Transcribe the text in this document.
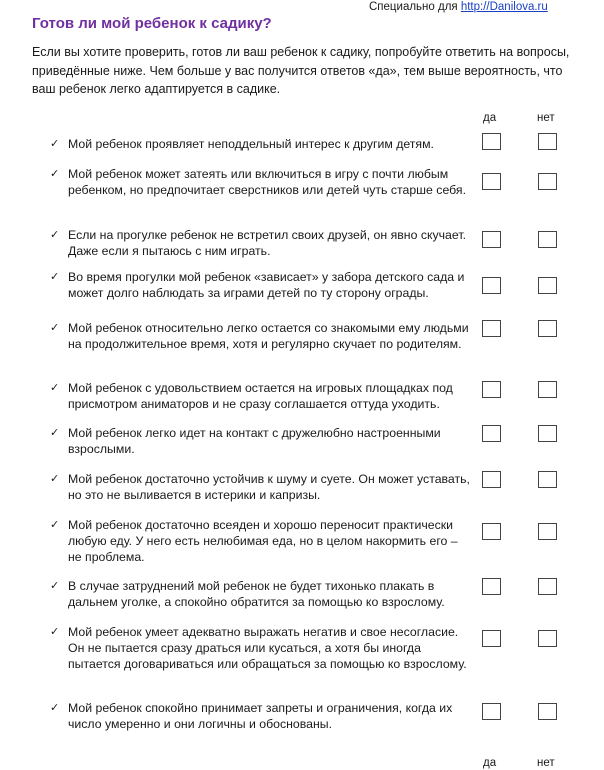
Специально для http://Danilova.ru
Готов ли мой ребенок к садику?
Если вы хотите проверить, готов ли ваш ребенок к садику, попробуйте ответить на вопросы, приведённые ниже. Чем больше у вас получится ответов «да», тем выше вероятность, что ваш ребенок легко адаптируется в садике.
да	нет
✓ Мой ребенок проявляет неподдельный интерес к другим детям.
✓ Мой ребенок может затеять или включиться в игру с почти любым ребенком, но предпочитает сверстников или детей чуть старше себя.
✓ Если на прогулке ребенок не встретил своих друзей, он явно скучает. Даже если я пытаюсь с ним играть.
✓ Во время прогулки мой ребенок «зависает» у забора детского сада и может долго наблюдать за играми детей по ту сторону ограды.
✓ Мой ребенок относительно легко остается со знакомыми ему людьми на продолжительное время, хотя и регулярно скучает по родителям.
✓ Мой ребенок с удовольствием остается на игровых площадках под присмотром аниматоров и не сразу соглашается оттуда уходить.
✓ Мой ребенок легко идет на контакт с дружелюбно настроенными взрослыми.
✓ Мой ребенок достаточно устойчив к шуму и суете. Он может уставать, но это не выливается в истерики и капризы.
✓ Мой ребенок достаточно всеяден и хорошо переносит практически любую еду. У него есть нелюбимая еда, но в целом накормить его – не проблема.
✓ В случае затруднений мой ребенок не будет тихонько плакать в дальнем уголке, а спокойно обратится за помощью ко взрослому.
✓ Мой ребенок умеет адекватно выражать негатив и свое несогласие. Он не пытается сразу драться или кусаться, а хотя бы иногда пытается договариваться или обращаться за помощью ко взрослому.
✓ Мой ребенок спокойно принимает запреты и ограничения, когда их число умеренно и они логичны и обоснованы.
да	нет
